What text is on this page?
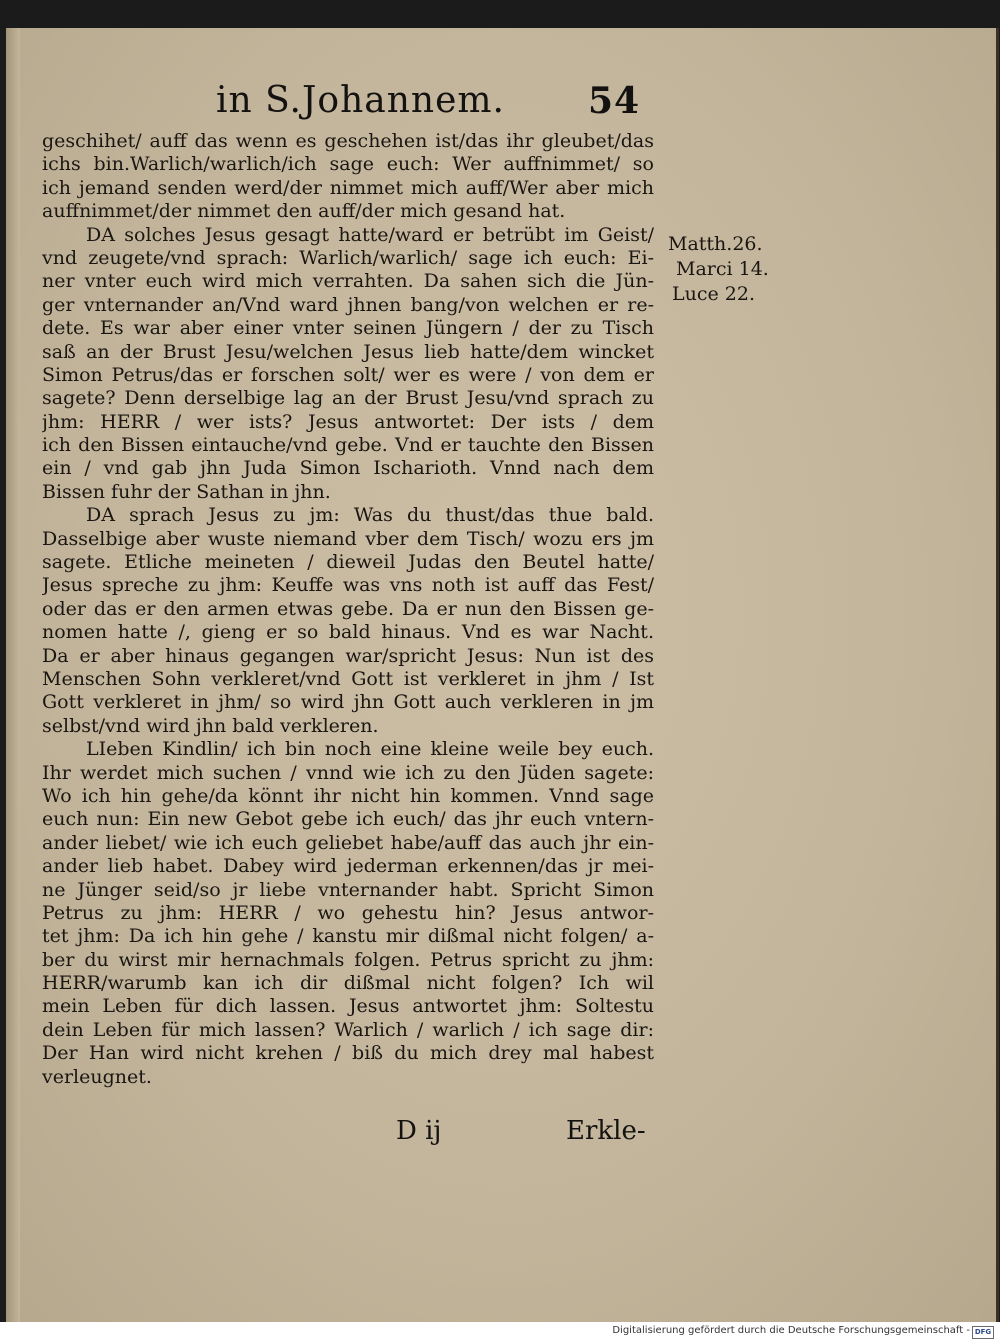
in S.Johannem. 54
geschihet/ auff das wenn es geschehen ist/das ihr gleubet/das
ichs bin.Warlich/warlich/ich sage euch: Wer auffnimmet/ so
ich jemand senden werd/der nimmet mich auff/Wer aber mich
auffnimmet/der nimmet den auff/der mich gesand hat.
DA solches Jesus gesagt hatte/ward er betrübt im Geist/
vnd zeugete/vnd sprach: Warlich/warlich/ sage ich euch: Ei-
ner vnter euch wird mich verrahten. Da sahen sich die Jün-
ger vnternander an/Vnd ward jhnen bang/von welchen er re-
dete. Es war aber einer vnter seinen Jüngern / der zu Tisch
saß an der Brust Jesu/welchen Jesus lieb hatte/dem wincket
Simon Petrus/das er forschen solt/ wer es were / von dem er
sagete? Denn derselbige lag an der Brust Jesu/vnd sprach zu
jhm: HERR / wer ists? Jesus antwortet: Der ists / dem
ich den Bissen eintauche/vnd gebe. Vnd er tauchte den Bissen
ein / vnd gab jhn Juda Simon Ischarioth. Vnnd nach dem
Bissen fuhr der Sathan in jhn.
DA sprach Jesus zu jm: Was du thust/das thue bald.
Dasselbige aber wuste niemand vber dem Tisch/ wozu ers jm
sagete. Etliche meineten / dieweil Judas den Beutel hatte/
Jesus spreche zu jhm: Keuffe was vns noth ist auff das Fest/
oder das er den armen etwas gebe. Da er nun den Bissen ge-
nomen hatte /, gieng er so bald hinaus. Vnd es war Nacht.
Da er aber hinaus gegangen war/spricht Jesus: Nun ist des
Menschen Sohn verkleret/vnd Gott ist verkleret in jhm / Ist
Gott verkleret in jhm/ so wird jhn Gott auch verkleren in jm
selbst/vnd wird jhn bald verkleren.
LIeben Kindlin/ ich bin noch eine kleine weile bey euch.
Ihr werdet mich suchen / vnnd wie ich zu den Jüden sagete:
Wo ich hin gehe/da könnt ihr nicht hin kommen. Vnnd sage
euch nun: Ein new Gebot gebe ich euch/ das jhr euch vntern-
ander liebet/ wie ich euch geliebet habe/auff das auch jhr ein-
ander lieb habet. Dabey wird jederman erkennen/das jr mei-
ne Jünger seid/so jr liebe vnternander habt. Spricht Simon
Petrus zu jhm: HERR / wo gehestu hin? Jesus antwor-
tet jhm: Da ich hin gehe / kanstu mir dißmal nicht folgen/ a-
ber du wirst mir hernachmals folgen. Petrus spricht zu jhm:
HERR/warumb kan ich dir dißmal nicht folgen? Ich wil
mein Leben für dich lassen. Jesus antwortet jhm: Soltestu
dein Leben für mich lassen? Warlich / warlich / ich sage dir:
Der Han wird nicht krehen / biß du mich drey mal habest
verleugnet.
Matth.26.
Marci 14.
Luce 22.
D ij	Erkle-
Digitalisierung gefördert durch die Deutsche Forschungsgemeinschaft - DFG
